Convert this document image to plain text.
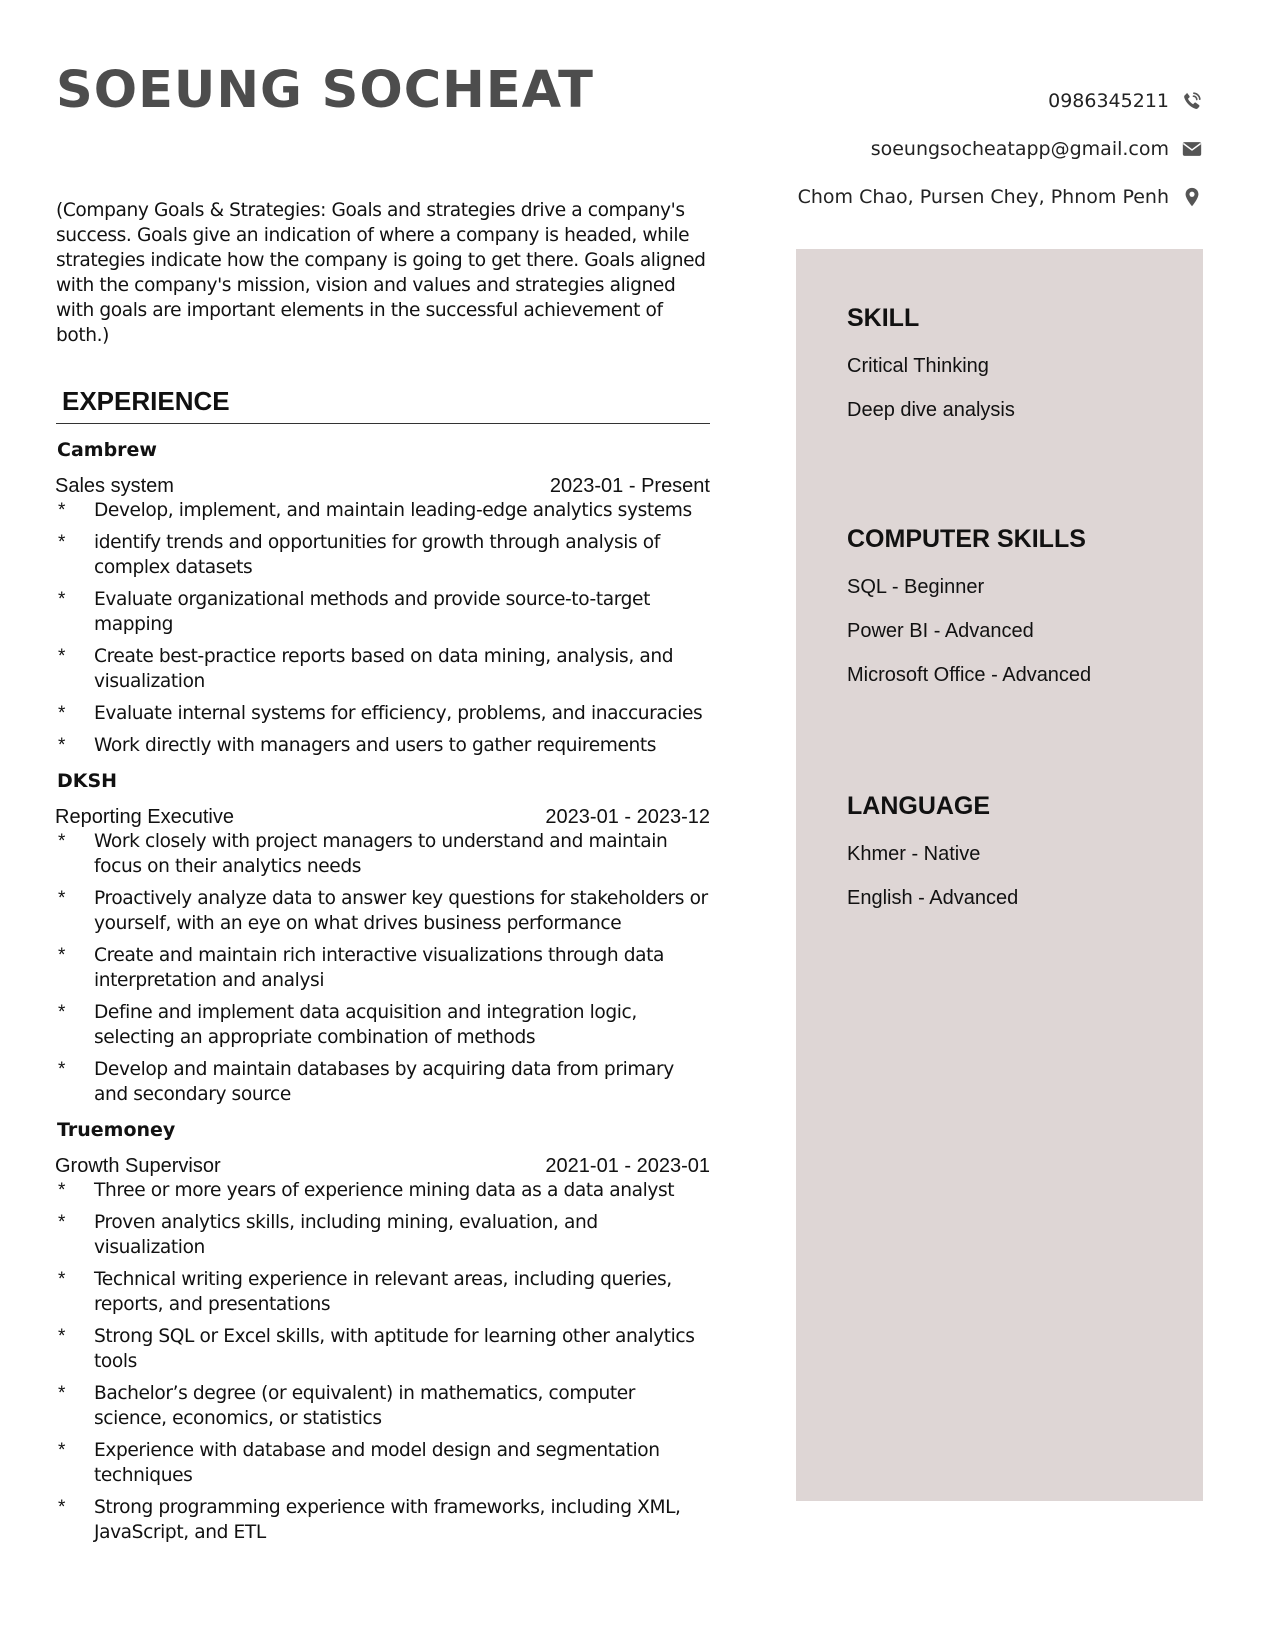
SOEUNG SOCHEAT	0986345211
soeungsocheatapp@gmail.com
Chom Chao, Pursen Chey, Phnom Penh

(Company Goals & Strategies: Goals and strategies drive a company's success. Goals give an indication of where a company is headed, while strategies indicate how the company is going to get there. Goals aligned with the company's mission, vision and values and strategies aligned with goals are important elements in the successful achievement of both.)

EXPERIENCE
Cambrew
Sales system	2023-01 - Present
* Develop, implement, and maintain leading-edge analytics systems
* identify trends and opportunities for growth through analysis of complex datasets
* Evaluate organizational methods and provide source-to-target mapping
* Create best-practice reports based on data mining, analysis, and visualization
* Evaluate internal systems for efficiency, problems, and inaccuracies
* Work directly with managers and users to gather requirements
DKSH
Reporting Executive	2023-01 - 2023-12
* Work closely with project managers to understand and maintain focus on their analytics needs
* Proactively analyze data to answer key questions for stakeholders or yourself, with an eye on what drives business performance
* Create and maintain rich interactive visualizations through data interpretation and analysi
* Define and implement data acquisition and integration logic, selecting an appropriate combination of methods
* Develop and maintain databases by acquiring data from primary and secondary source
Truemoney
Growth Supervisor	2021-01 - 2023-01
* Three or more years of experience mining data as a data analyst
* Proven analytics skills, including mining, evaluation, and visualization
* Technical writing experience in relevant areas, including queries, reports, and presentations
* Strong SQL or Excel skills, with aptitude for learning other analytics tools
* Bachelor’s degree (or equivalent) in mathematics, computer science, economics, or statistics
* Experience with database and model design and segmentation techniques
* Strong programming experience with frameworks, including XML, JavaScript, and ETL
SKILL
Critical Thinking
Deep dive analysis
COMPUTER SKILLS
SQL - Beginner
Power BI - Advanced
Microsoft Office - Advanced
LANGUAGE
Khmer - Native
English - Advanced
